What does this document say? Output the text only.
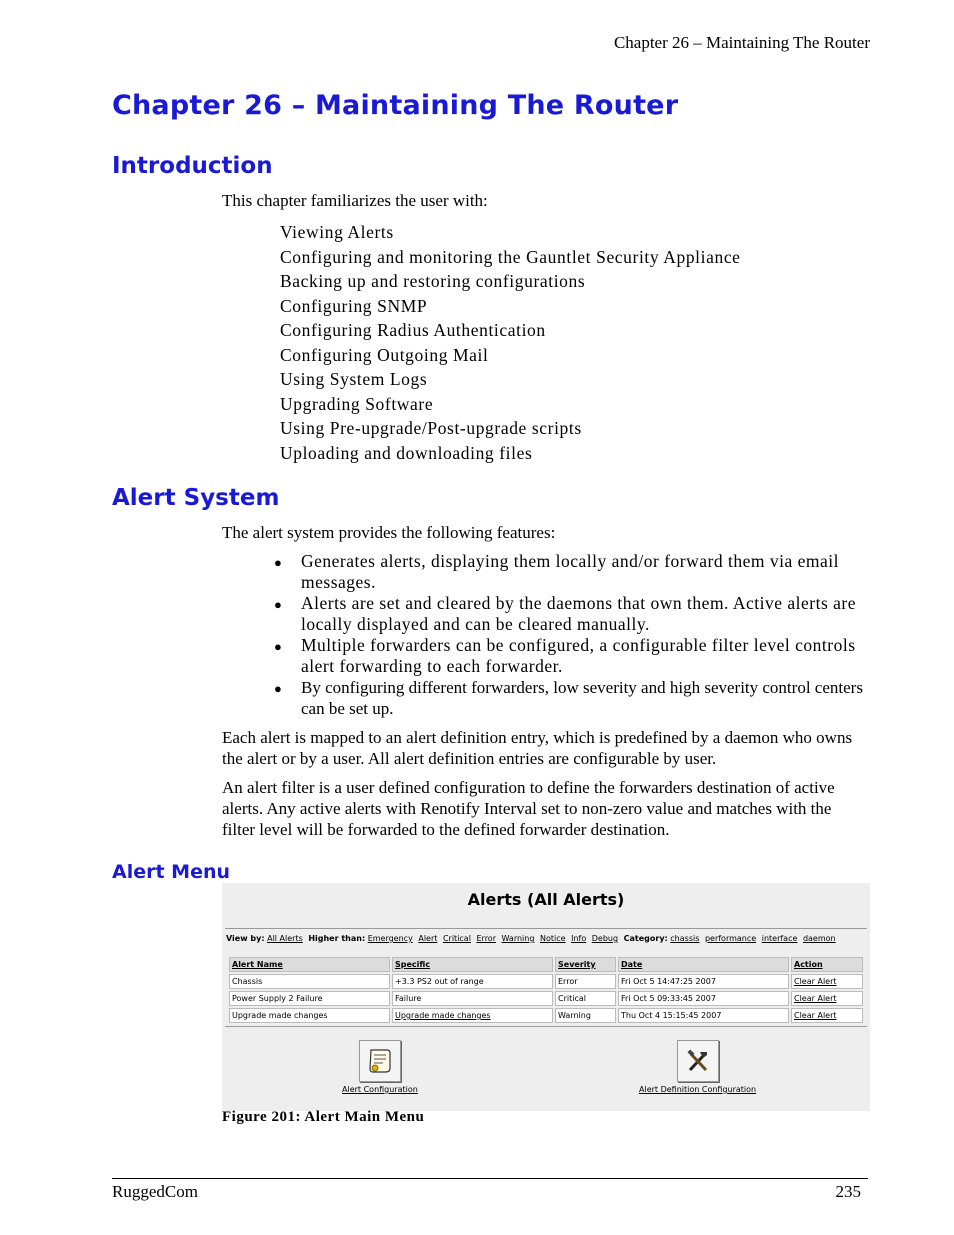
Chapter 26 – Maintaining The Router
Chapter 26 – Maintaining The Router
Introduction
This chapter familiarizes the user with:
Viewing Alerts
Configuring and monitoring the Gauntlet Security Appliance
Backing up and restoring configurations
Configuring SNMP
Configuring Radius Authentication
Configuring Outgoing Mail
Using System Logs
Upgrading Software
Using Pre-upgrade/Post-upgrade scripts
Uploading and downloading files
Alert System
The alert system provides the following features:
● Generates alerts, displaying them locally and/or forward them via email messages.
● Alerts are set and cleared by the daemons that own them. Active alerts are locally displayed and can be cleared manually.
● Multiple forwarders can be configured, a configurable filter level controls alert forwarding to each forwarder.
● By configuring different forwarders, low severity and high severity control centers can be set up.
Each alert is mapped to an alert definition entry, which is predefined by a daemon who owns the alert or by a user. All alert definition entries are configurable by user.
An alert filter is a user defined configuration to define the forwarders destination of active alerts. Any active alerts with Renotify Interval set to non-zero value and matches with the filter level will be forwarded to the defined forwarder destination.
Alert Menu
Alerts (All Alerts)
View by: All Alerts Higher than: Emergency Alert Critical Error Warning Notice Info Debug Category: chassis performance interface daemon
Alert Name	Specific	Severity	Date	Action
Chassis	+3.3 PS2 out of range	Error	Fri Oct 5 14:47:25 2007	Clear Alert
Power Supply 2 Failure	Failure	Critical	Fri Oct 5 09:33:45 2007	Clear Alert
Upgrade made changes	Upgrade made changes	Warning	Thu Oct 4 15:15:45 2007	Clear Alert
Alert Configuration	Alert Definition Configuration
Figure 201: Alert Main Menu
RuggedCom	235
